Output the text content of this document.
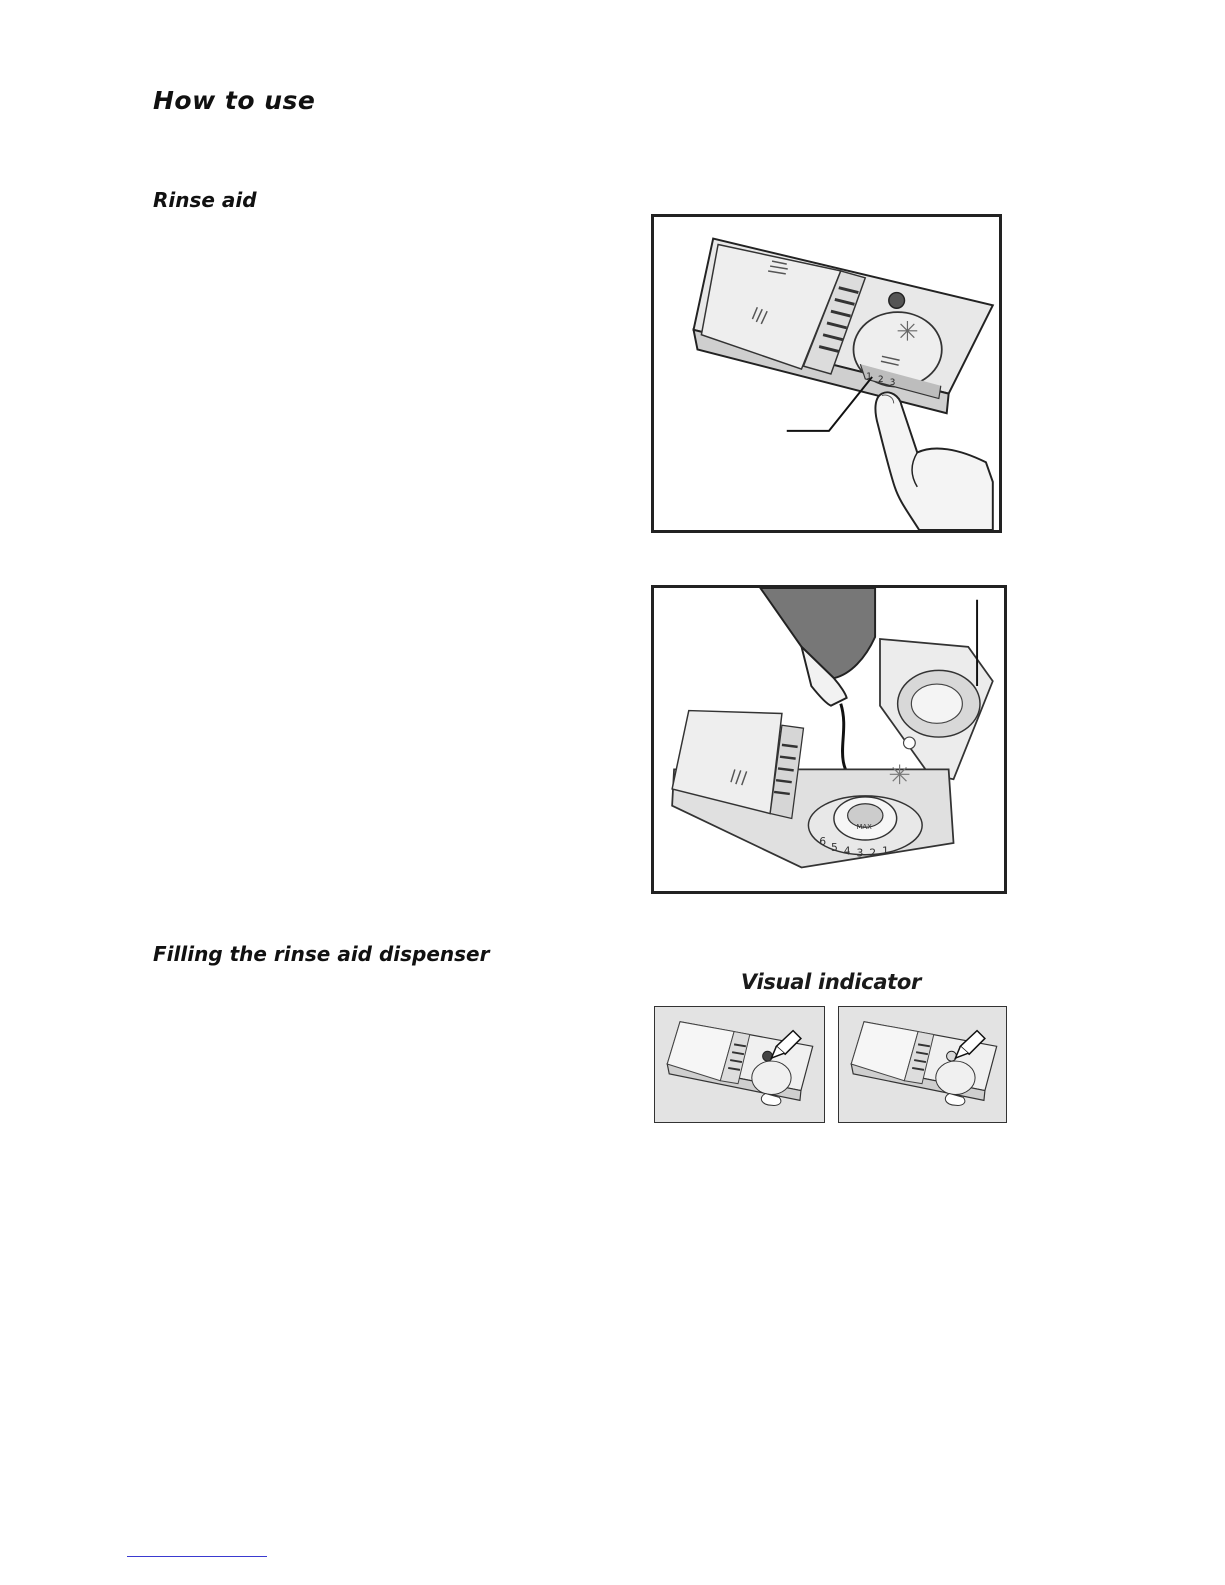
How to use
Rinse aid
1 2 3
6 5 4 3 2 1
MAX
Filling the rinse aid dispenser

Visual indicator
